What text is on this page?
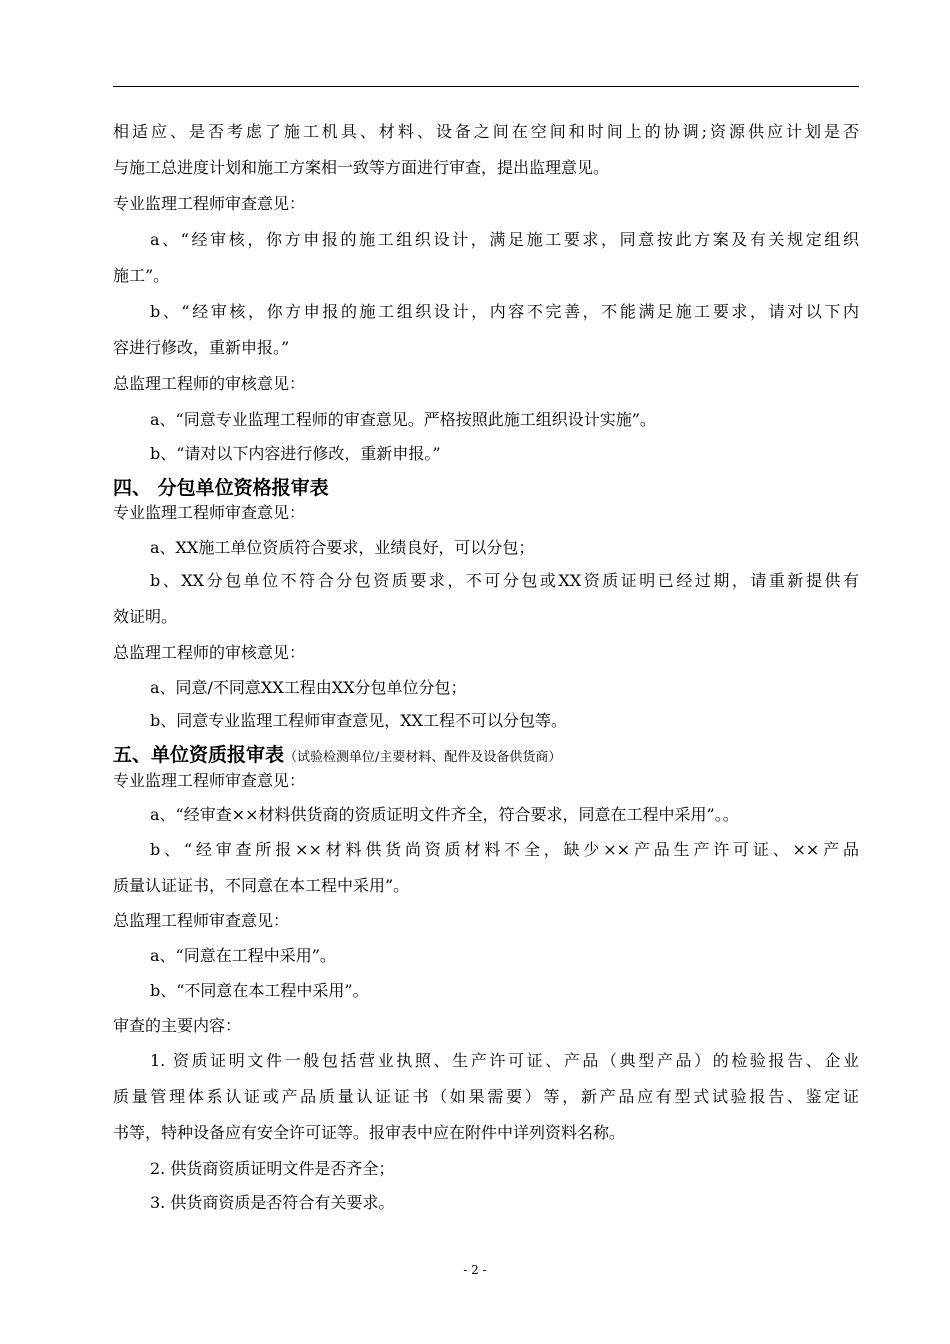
相适应、是否考虑了施工机具、材料、设备之间在空间和时间上的协调;资源供应计划是否
与施工总进度计划和施工方案相一致等方面进行审查，提出监理意见。
专业监理工程师审查意见：
a、“经审核，你方申报的施工组织设计，满足施工要求，同意按此方案及有关规定组织
施工”。
b、“经审核，你方申报的施工组织设计，内容不完善，不能满足施工要求，请对以下内
容进行修改，重新申报。”
总监理工程师的审核意见：
a、“同意专业监理工程师的审查意见。严格按照此施工组织设计实施”。
b、“请对以下内容进行修改，重新申报。”
四、 分包单位资格报审表
专业监理工程师审查意见：
a、XX施工单位资质符合要求，业绩良好，可以分包；
b、XX分包单位不符合分包资质要求，不可分包或XX资质证明已经过期，请重新提供有
效证明。
总监理工程师的审核意见：
a、同意/不同意XX工程由XX分包单位分包；
b、同意专业监理工程师审查意见，XX工程不可以分包等。
五、单位资质报审表（试验检测单位/主要材料、配件及设备供货商）
专业监理工程师审查意见：
a、“经审查××材料供货商的资质证明文件齐全，符合要求，同意在工程中采用”。。
b、“经审查所报××材料供货尚资质材料不全，缺少××产品生产许可证、××产品
质量认证证书，不同意在本工程中采用”。
总监理工程师审查意见：
a、“同意在工程中采用”。
b、“不同意在本工程中采用”。
审查的主要内容：
1. 资质证明文件一般包括营业执照、生产许可证、产品（典型产品）的检验报告、企业
质量管理体系认证或产品质量认证证书（如果需要）等，新产品应有型式试验报告、鉴定证
书等，特种设备应有安全许可证等。报审表中应在附件中详列资料名称。
2. 供货商资质证明文件是否齐全；
3. 供货商资质是否符合有关要求。
- 2 -
